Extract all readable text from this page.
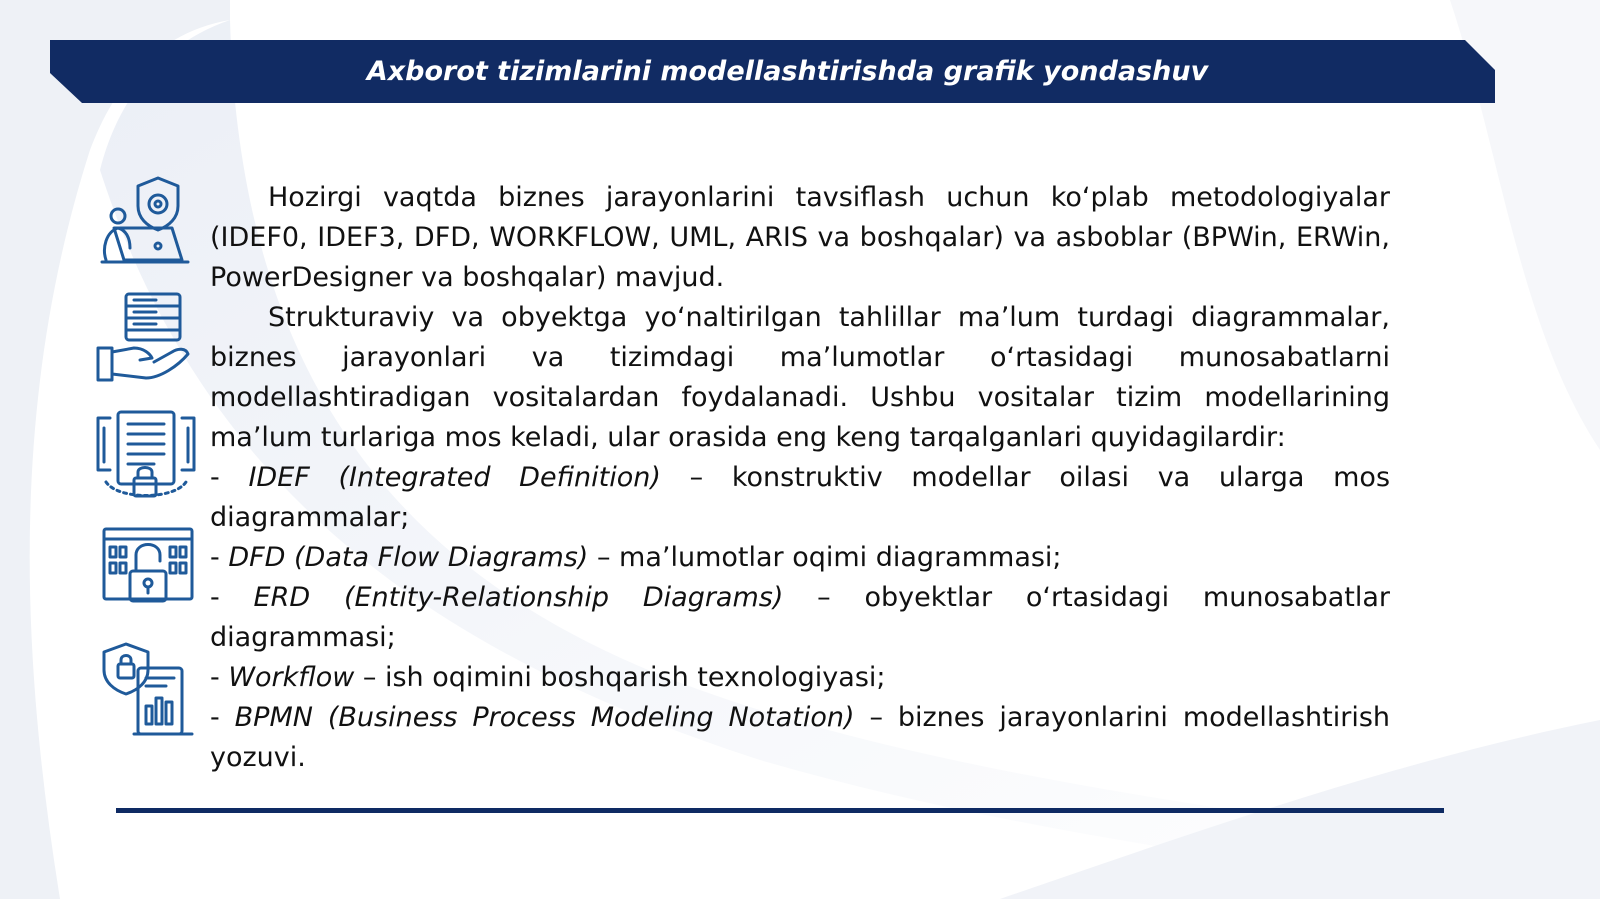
Axborot tizimlarini modellashtirishda grafik yondashuv

Hozirgi vaqtda biznes jarayonlarini tavsiflash uchun koʻplab metodologiyalar (IDEF0, IDEF3, DFD, WORKFLOW, UML, ARIS va boshqalar) va asboblar (BPWin, ERWin, PowerDesigner va boshqalar) mavjud.

Strukturaviy va obyektga yoʻnaltirilgan tahlillar maʼlum turdagi diagrammalar, biznes jarayonlari va tizimdagi maʼlumotlar oʻrtasidagi munosabatlarni modellashtiradigan vositalardan foydalanadi. Ushbu vositalar tizim modellarining maʼlum turlariga mos keladi, ular orasida eng keng tarqalganlari quyidagilardir:

- IDEF (Integrated Definition) – konstruktiv modellar oilasi va ularga mos diagrammalar;

- DFD (Data Flow Diagrams) – maʼlumotlar oqimi diagrammasi;

- ERD (Entity-Relationship Diagrams) – obyektlar oʻrtasidagi munosabatlar diagrammasi;

- Workflow – ish oqimini boshqarish texnologiyasi;

- BPMN (Business Process Modeling Notation) – biznes jarayonlarini modellashtirish yozuvi.
